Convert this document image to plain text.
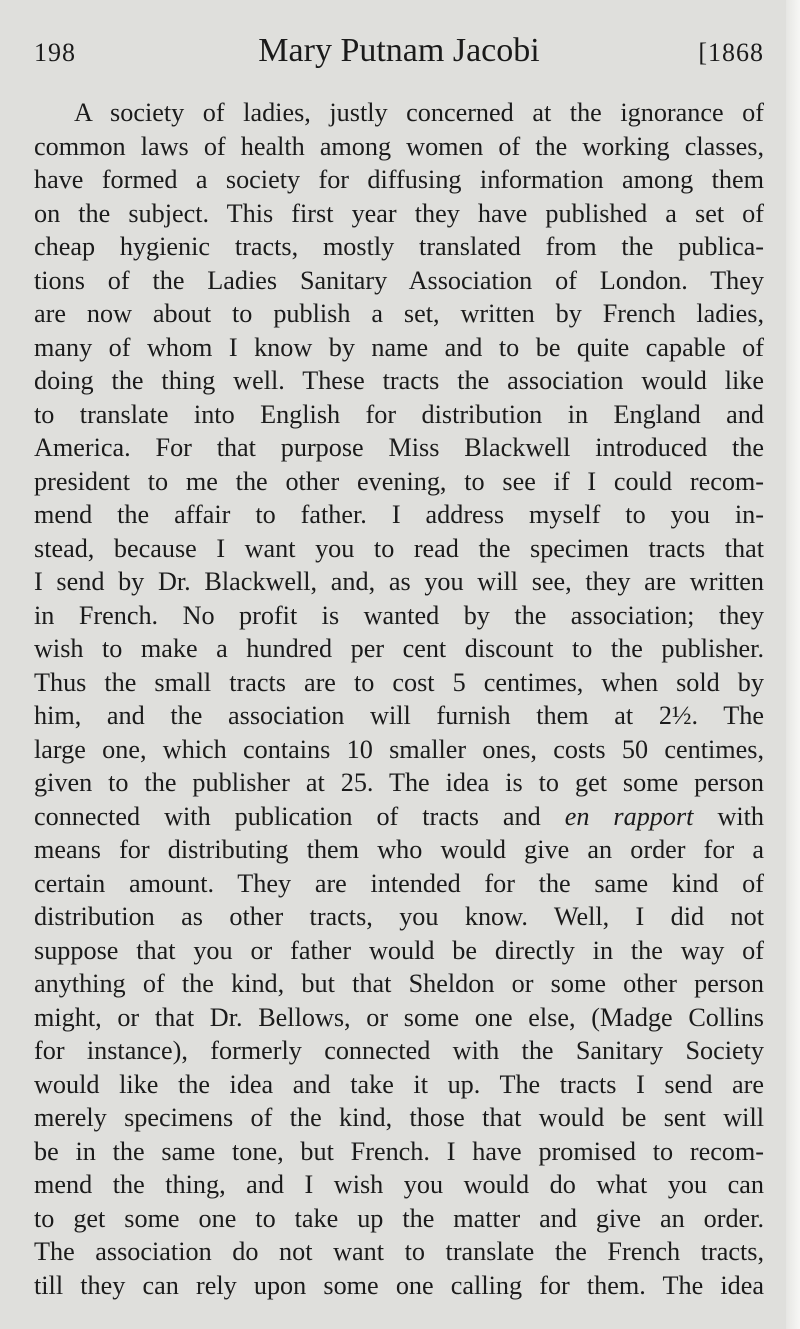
198	Mary Putnam Jacobi	[1868
A society of ladies, justly concerned at the ignorance of
common laws of health among women of the working classes,
have formed a society for diffusing information among them
on the subject. This first year they have published a set of
cheap hygienic tracts, mostly translated from the publica-
tions of the Ladies Sanitary Association of London. They
are now about to publish a set, written by French ladies,
many of whom I know by name and to be quite capable of
doing the thing well. These tracts the association would like
to translate into English for distribution in England and
America. For that purpose Miss Blackwell introduced the
president to me the other evening, to see if I could recom-
mend the affair to father. I address myself to you in-
stead, because I want you to read the specimen tracts that
I send by Dr. Blackwell, and, as you will see, they are written
in French. No profit is wanted by the association; they
wish to make a hundred per cent discount to the publisher.
Thus the small tracts are to cost 5 centimes, when sold by
him, and the association will furnish them at 2½. The
large one, which contains 10 smaller ones, costs 50 centimes,
given to the publisher at 25. The idea is to get some person
connected with publication of tracts and en rapport with
means for distributing them who would give an order for a
certain amount. They are intended for the same kind of
distribution as other tracts, you know. Well, I did not
suppose that you or father would be directly in the way of
anything of the kind, but that Sheldon or some other person
might, or that Dr. Bellows, or some one else, (Madge Collins
for instance), formerly connected with the Sanitary Society
would like the idea and take it up. The tracts I send are
merely specimens of the kind, those that would be sent will
be in the same tone, but French. I have promised to recom-
mend the thing, and I wish you would do what you can
to get some one to take up the matter and give an order.
The association do not want to translate the French tracts,
till they can rely upon some one calling for them. The idea
